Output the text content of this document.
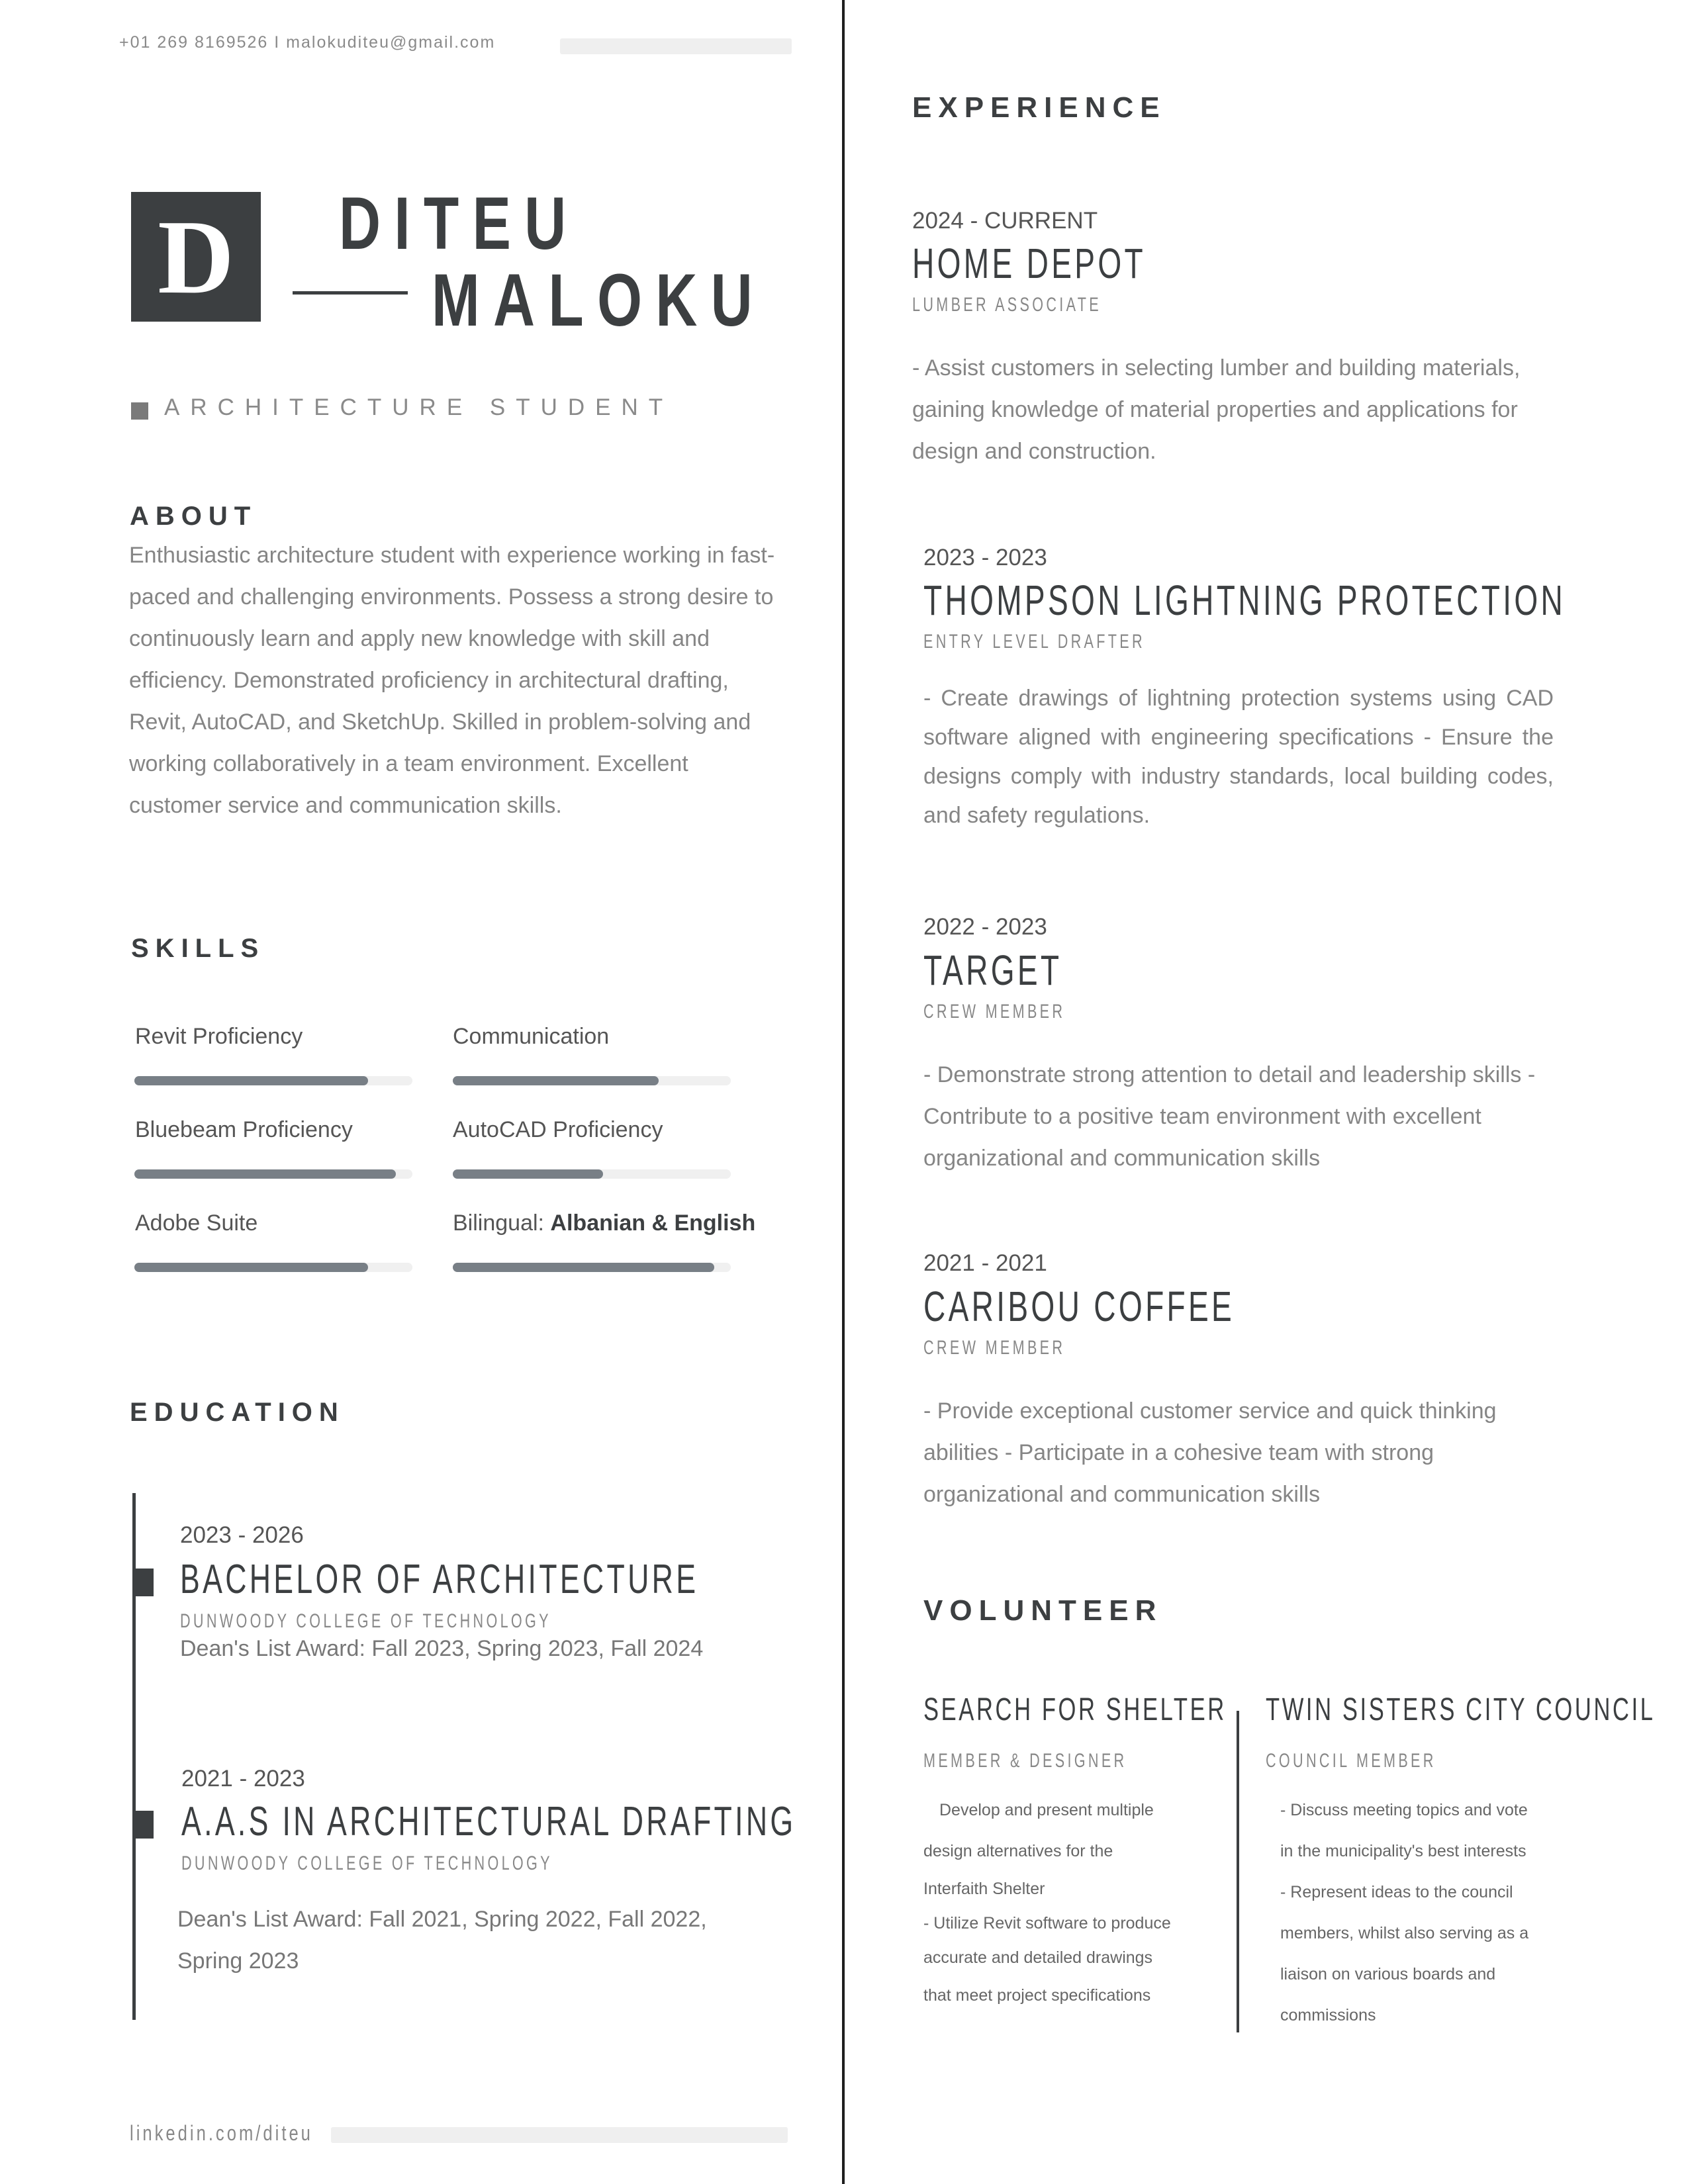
+01 269 8169526 I malokuditeu@gmail.com
D	DITEU
MALOKU
ARCHITECTURE STUDENT
ABOUT
Enthusiastic architecture student with experience working in fast-paced and challenging environments. Possess a strong desire to continuously learn and apply new knowledge with skill and efficiency. Demonstrated proficiency in architectural drafting, Revit, AutoCAD, and SketchUp. Skilled in problem-solving and working collaboratively in a team environment. Excellent customer service and communication skills.
SKILLS
Revit Proficiency	Communication
Bluebeam Proficiency	AutoCAD Proficiency
Adobe Suite	Bilingual: Albanian & English
EDUCATION
2023 - 2026
BACHELOR OF ARCHITECTURE
DUNWOODY COLLEGE OF TECHNOLOGY
Dean's List Award: Fall 2023, Spring 2023, Fall 2024
2021 - 2023
A.A.S IN ARCHITECTURAL DRAFTING
DUNWOODY COLLEGE OF TECHNOLOGY
Dean's List Award: Fall 2021, Spring 2022, Fall 2022, Spring 2023
linkedin.com/diteu
EXPERIENCE
2024 - CURRENT
HOME DEPOT
LUMBER ASSOCIATE
- Assist customers in selecting lumber and building materials, gaining knowledge of material properties and applications for design and construction.
2023 - 2023
THOMPSON LIGHTNING PROTECTION
ENTRY LEVEL DRAFTER
- Create drawings of lightning protection systems using CAD software aligned with engineering specifications - Ensure the designs comply with industry standards, local building codes, and safety regulations.
2022 - 2023
TARGET
CREW MEMBER
- Demonstrate strong attention to detail and leadership skills - Contribute to a positive team environment with excellent organizational and communication skills
2021 - 2021
CARIBOU COFFEE
CREW MEMBER
- Provide exceptional customer service and quick thinking abilities - Participate in a cohesive team with strong organizational and communication skills
VOLUNTEER
SEARCH FOR SHELTER
MEMBER & DESIGNER
Develop and present multiple
design alternatives for the
Interfaith Shelter
- Utilize Revit software to produce
accurate and detailed drawings
that meet project specifications
TWIN SISTERS CITY COUNCIL
COUNCIL MEMBER
- Discuss meeting topics and vote
in the municipality's best interests
- Represent ideas to the council
members, whilst also serving as a
liaison on various boards and
commissions
